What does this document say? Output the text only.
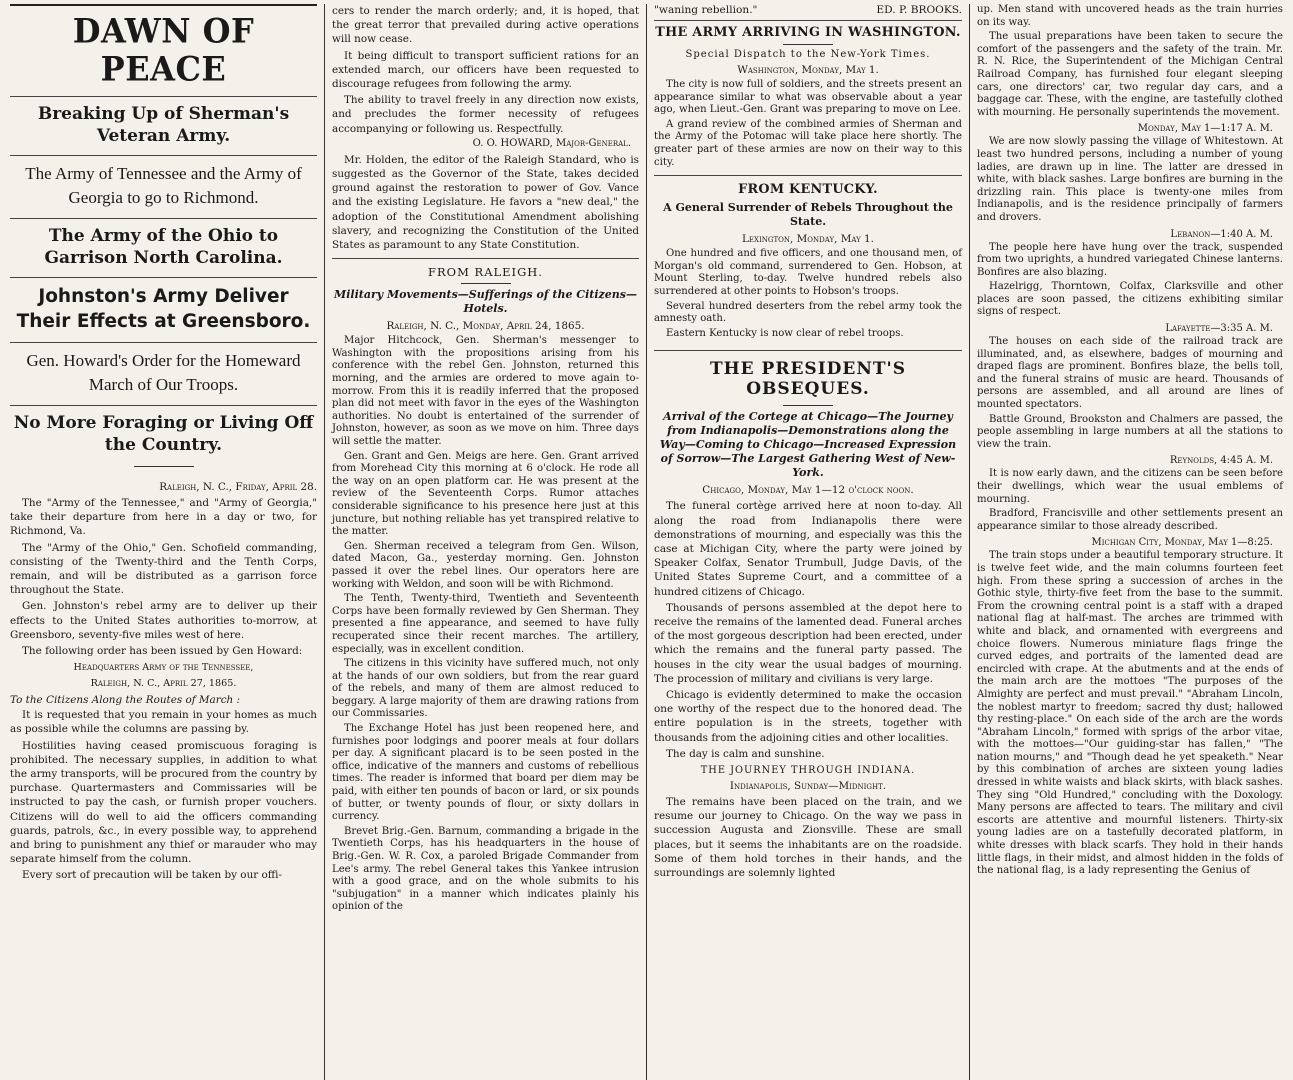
DAWN OF PEACE
Breaking Up of Sherman's Veteran Army.
The Army of Tennessee and the Army of Georgia to go to Richmond.
The Army of the Ohio to Garrison North Carolina.
Johnston's Army Deliver Their Effects at Greensboro.
Gen. Howard's Order for the Homeward March of Our Troops.
No More Foraging or Living Off the Country.
Raleigh, N. C., Friday, April 28.

The "Army of the Tennessee," and "Army of Georgia," take their departure from here in a day or two, for Richmond, Va.

The "Army of the Ohio," Gen. Schofield commanding, consisting of the Twenty-third and the Tenth Corps, remain, and will be distributed as a garrison force throughout the State.

Gen. Johnston's rebel army are to deliver up their effects to the United States authorities to-morrow, at Greensboro, seventy-five miles west of here.

The following order has been issued by Gen Howard:

Headquarters Army of the Tennessee,
Raleigh, N. C., April 27, 1865.
To the Citizens Along the Routes of March :

It is requested that you remain in your homes as much as possible while the columns are passing by.

Hostilities having ceased promiscuous foraging is prohibited. The necessary supplies, in addition to what the army transports, will be procured from the country by purchase. Quartermasters and Commissaries will be instructed to pay the cash, or furnish proper vouchers. Citizens will do well to aid the officers commanding guards, patrols, &c., in every possible way, to apprehend and bring to punishment any thief or marauder who may separate himself from the column.

Every sort of precaution will be taken by our offi-

cers to render the march orderly; and, it is hoped, that the great terror that prevailed during active operations will now cease.

It being difficult to transport sufficient rations for an extended march, our officers have been requested to discourage refugees from following the army.

The ability to travel freely in any direction now exists, and precludes the former necessity of refugees accompanying or following us. Respectfully.

O. O. HOWARD, Major-General.

Mr. Holden, the editor of the Raleigh Standard, who is suggested as the Governor of the State, takes decided ground against the restoration to power of Gov. Vance and the existing Legislature. He favors a "new deal," the adoption of the Constitutional Amendment abolishing slavery, and recognizing the Constitution of the United States as paramount to any State Constitution.

FROM RALEIGH.
Military Movements—Sufferings of the Citizens—Hotels.
Raleigh, N. C., Monday, April 24, 1865.

Major Hitchcock, Gen. Sherman's messenger to Washington with the propositions arising from his conference with the rebel Gen. Johnston, returned this morning, and the armies are ordered to move again to-morrow. From this it is readily inferred that the proposed plan did not meet with favor in the eyes of the Washington authorities. No doubt is entertained of the surrender of Johnston, however, as soon as we move on him. Three days will settle the matter.

Gen. Grant and Gen. Meigs are here. Gen. Grant arrived from Morehead City this morning at 6 o'clock. He rode all the way on an open platform car. He was present at the review of the Seventeenth Corps. Rumor attaches considerable significance to his presence here just at this juncture, but nothing reliable has yet transpired relative to the matter.

Gen. Sherman received a telegram from Gen. Wilson, dated Macon, Ga., yesterday morning. Gen. Johnston passed it over the rebel lines. Our operators here are working with Weldon, and soon will be with Richmond.

The Tenth, Twenty-third, Twentieth and Seventeenth Corps have been formally reviewed by Gen Sherman. They presented a fine appearance, and seemed to have fully recuperated since their recent marches. The artillery, especially, was in excellent condition.

The citizens in this vicinity have suffered much, not only at the hands of our own soldiers, but from the rear guard of the rebels, and many of them are almost reduced to beggary. A large majority of them are drawing rations from our Commissaries.

The Exchange Hotel has just been reopened here, and furnishes poor lodgings and poorer meals at four dollars per day. A significant placard is to be seen posted in the office, indicative of the manners and customs of rebellious times. The reader is informed that board per diem may be paid, with either ten pounds of bacon or lard, or six pounds of butter, or twenty pounds of flour, or sixty dollars in currency.

Brevet Brig.-Gen. Barnum, commanding a brigade in the Twentieth Corps, has his headquarters in the house of Brig.-Gen. W. R. Cox, a paroled Brigade Commander from Lee's army. The rebel General takes this Yankee intrusion with a good grace, and on the whole submits to his "subjugation" in a manner which indicates plainly his opinion of the

"waning rebellion."	ED. P. BROOKS.
THE ARMY ARRIVING IN WASHINGTON.
Special Dispatch to the New-York Times.
Washington, Monday, May 1.

The city is now full of soldiers, and the streets present an appearance similar to what was observable about a year ago, when Lieut.-Gen. Grant was preparing to move on Lee.

A grand review of the combined armies of Sherman and the Army of the Potomac will take place here shortly. The greater part of these armies are now on their way to this city.

FROM KENTUCKY.
A General Surrender of Rebels Throughout the State.
Lexington, Monday, May 1.

One hundred and five officers, and one thousand men, of Morgan's old command, surrendered to Gen. Hobson, at Mount Sterling, to-day. Twelve hundred rebels also surrendered at other points to Hobson's troops.

Several hundred deserters from the rebel army took the amnesty oath.

Eastern Kentucky is now clear of rebel troops.

THE PRESIDENT'S OBSEQUES.
Arrival of the Cortege at Chicago—The Journey from Indianapolis—Demonstrations along the Way—Coming to Chicago—Increased Expression of Sorrow—The Largest Gathering West of New-York.
Chicago, Monday, May 1—12 o'clock noon.

The funeral cortège arrived here at noon to-day. All along the road from Indianapolis there were demonstrations of mourning, and especially was this the case at Michigan City, where the party were joined by Speaker Colfax, Senator Trumbull, Judge Davis, of the United States Supreme Court, and a committee of a hundred citizens of Chicago.

Thousands of persons assembled at the depot here to receive the remains of the lamented dead. Funeral arches of the most gorgeous description had been erected, under which the remains and the funeral party passed. The houses in the city wear the usual badges of mourning. The procession of military and civilians is very large.

Chicago is evidently determined to make the occasion one worthy of the respect due to the honored dead. The entire population is in the streets, together with thousands from the adjoining cities and other localities.

The day is calm and sunshine.

THE JOURNEY THROUGH INDIANA.
Indianapolis, Sunday—Midnight.

The remains have been placed on the train, and we resume our journey to Chicago. On the way we pass in succession Augusta and Zionsville. These are small places, but it seems the inhabitants are on the roadside. Some of them hold torches in their hands, and the surroundings are solemnly lighted

up. Men stand with uncovered heads as the train hurries on its way.

The usual preparations have been taken to secure the comfort of the passengers and the safety of the train. Mr. R. N. Rice, the Superintendent of the Michigan Central Railroad Company, has furnished four elegant sleeping cars, one directors' car, two regular day cars, and a baggage car. These, with the engine, are tastefully clothed with mourning. He personally superintends the movement.

Monday, May 1—1:17 A. M.

We are now slowly passing the village of Whitestown. At least two hundred persons, including a number of young ladies, are drawn up in line. The latter are dressed in white, with black sashes. Large bonfires are burning in the drizzling rain. This place is twenty-one miles from Indianapolis, and is the residence principally of farmers and drovers.

Lebanon—1:40 A. M.

The people here have hung over the track, suspended from two uprights, a hundred variegated Chinese lanterns. Bonfires are also blazing.

Hazelrigg, Thorntown, Colfax, Clarksville and other places are soon passed, the citizens exhibiting similar signs of respect.

Lafayette—3:35 A. M.

The houses on each side of the railroad track are illuminated, and, as elsewhere, badges of mourning and draped flags are prominent. Bonfires blaze, the bells toll, and the funeral strains of music are heard. Thousands of persons are assembled, and all around are lines of mounted spectators.

Battle Ground, Brookston and Chalmers are passed, the people assembling in large numbers at all the stations to view the train.

Reynolds, 4:45 A. M.

It is now early dawn, and the citizens can be seen before their dwellings, which wear the usual emblems of mourning.

Bradford, Francisville and other settlements present an appearance similar to those already described.

Michigan City, Monday, May 1—8:25.

The train stops under a beautiful temporary structure. It is twelve feet wide, and the main columns fourteen feet high. From these spring a succession of arches in the Gothic style, thirty-five feet from the base to the summit. From the crowning central point is a staff with a draped national flag at half-mast. The arches are trimmed with white and black, and ornamented with evergreens and choice flowers. Numerous miniature flags fringe the curved edges, and portraits of the lamented dead are encircled with crape. At the abutments and at the ends of the main arch are the mottoes "The purposes of the Almighty are perfect and must prevail." "Abraham Lincoln, the noblest martyr to freedom; sacred thy dust; hallowed thy resting-place." On each side of the arch are the words "Abraham Lincoln," formed with sprigs of the arbor vitae, with the mottoes—"Our guiding-star has fallen," "The nation mourns," and "Though dead he yet speaketh." Near by this combination of arches are sixteen young ladies dressed in white waists and black skirts, with black sashes. They sing "Old Hundred," concluding with the Doxology. Many persons are affected to tears. The military and civil escorts are attentive and mournful listeners. Thirty-six young ladies are on a tastefully decorated platform, in white dresses with black scarfs. They hold in their hands little flags, in their midst, and almost hidden in the folds of the national flag, is a lady representing the Genius of
